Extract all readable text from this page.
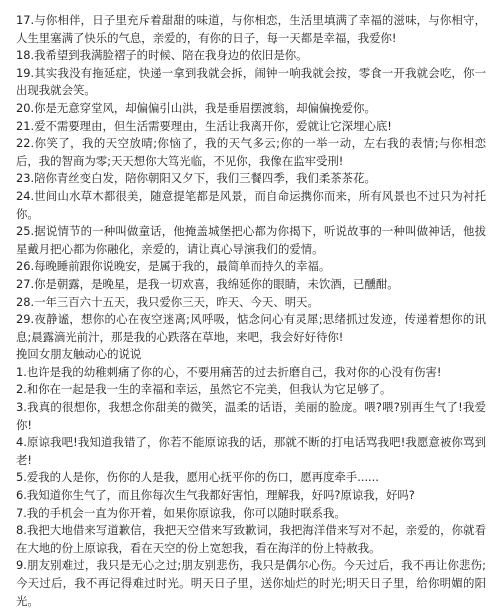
17.与你相伴，日子里充斥着甜甜的味道，与你相恋，生活里填满了幸福的滋味，与你相守，人生里塞满了快乐的气息，亲爱的，有你的日子，每一天都是幸福，我爱你!

18.我希望到我满脸褶子的时候、陪在我身边的依旧是你。

19.其实我没有拖延症，快递一拿到我就会拆，闹钟一响我就会按，零食一开我就会吃，你一出现我就会笑。

20.你是无意穿堂风，却偏偏引山洪，我是垂眉摆渡翁，却偏偏挽爱你。

21.爱不需要理由，但生活需要理由，生活让我离开你，爱就让它深埋心底!

22.你笑了，我的天空放晴;你恼了，我的天气多云;你的一举一动，左右我的表情;与你相恋后，我的智商为零;天天想你大笃光临，不见你，我像在监牢受刑!

23.陪你青丝变白发，陪你朝阳又夕下，我们三餐四季，我们柔茶茶花。

24.世间山水草木都很美，随意提笔都是风景，而自命运携你而来，所有风景也不过只为衬托你。

25.据说情节的一种叫做童话，他掩盖城堡把心都为你揭下，听说故事的一种叫做神话，他拔星戴月把心都为你融化，亲爱的，请让真心导演我们的爱情。

26.每晚睡前跟你说晚安，是属于我的，最简单而持久的幸福。

27.你是朝露，是晚星，是我一切欢喜，我绵延你的眼睛，未饮酒，已醺酣。

28.一年三百六十五天，我只爱你三天，昨天、今天、明天。

29.夜静谧，想你的心在夜空迷离;风呼吸，惦念问心有灵犀;思绪抓过发迹，传递着想你的讯息;晨露滴光前汁，那是我的心跌落在草地，来吧，我会好好待你!

挽回女朋友触动心的说说

1.也许是我的幼稚刺痛了你的心，不要用痛苦的过去折磨自己，我对你的心没有伤害!

2.和你在一起是我一生的幸福和幸运，虽然它不完美，但我认为它足够了。

3.我真的很想你，我想念你甜美的微笑，温柔的话语，美丽的脸庞。喂?喂?别再生气了!我爱你!

4.原谅我吧!我知道我错了，你若不能原谅我的话，那就不断的打电话骂我吧!我愿意被你骂到老!

5.爱我的人是你，伤你的人是我，愿用心抚平你的伤口，愿再度牵手......

6.我知道你生气了，而且你每次生气我都好害怕，理解我，好吗?原谅我，好吗?

7.我的手机会一直为你开着，如果你原谅我，你可以随时联系我。

8.我把大地借来写道歉信，我把天空借来写致歉词，我把海洋借来写对不起，亲爱的，你就看在大地的份上原谅我，看在天空的份上宽恕我，看在海洋的份上特赦我。

9.朋友别难过，我只是无心之过;朋友别悲伤，我只是偶尔心伤。今天过后，我不再让你悲伤;今天过后，我不再记得难过时光。明天日子里，送你灿烂的时光;明天日子里，给你明媚的阳光。
